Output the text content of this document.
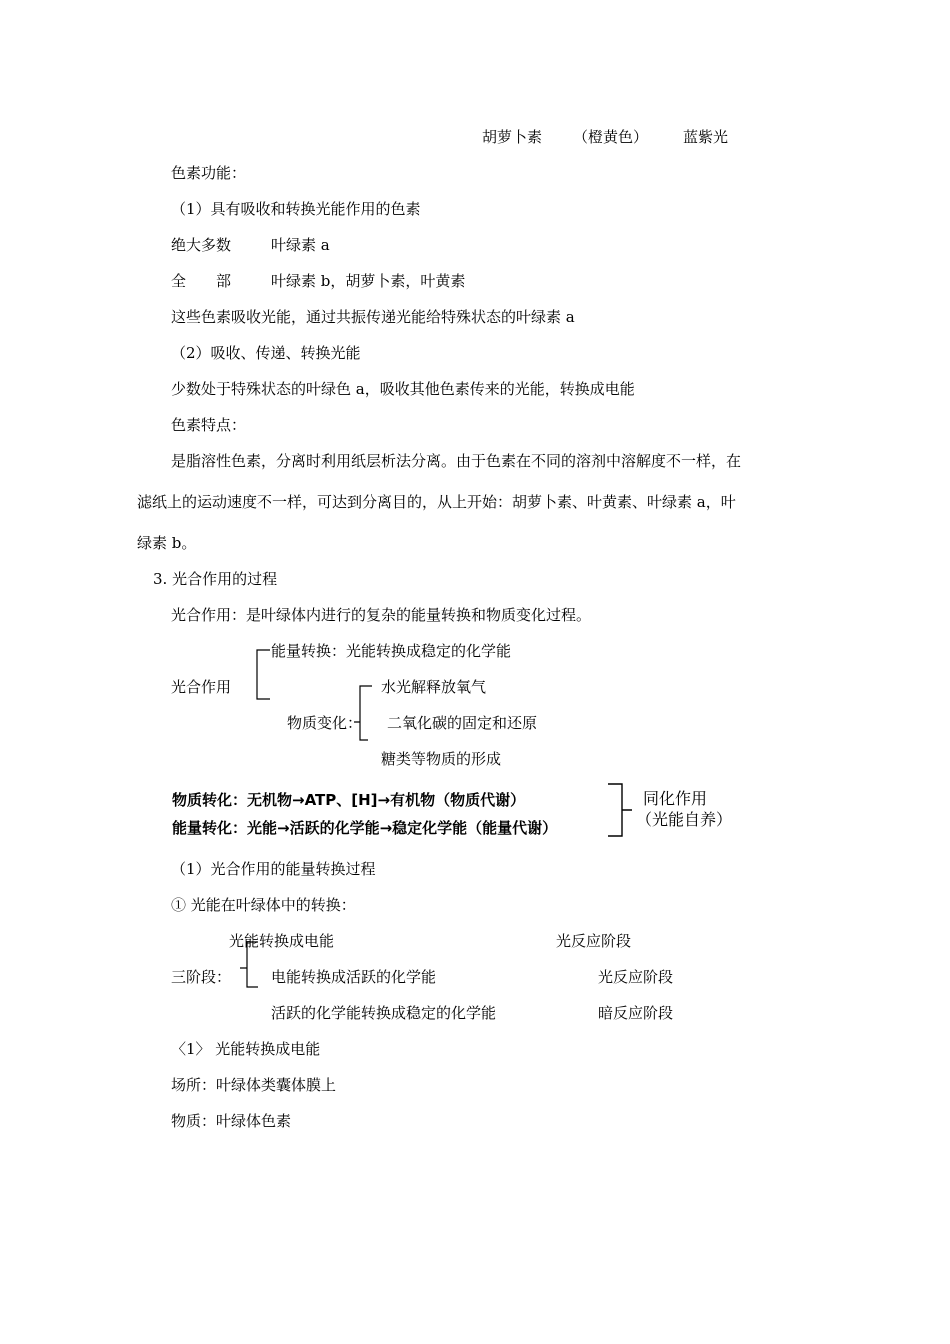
胡萝卜素 （橙黄色） 蓝紫光
色素功能：
（1）具有吸收和转换光能作用的色素
绝大多数	叶绿素 a
全　　部	叶绿素 b，胡萝卜素，叶黄素
这些色素吸收光能，通过共振传递光能给特殊状态的叶绿素 a
（2）吸收、传递、转换光能
少数处于特殊状态的叶绿色 a，吸收其他色素传来的光能，转换成电能
色素特点：
是脂溶性色素，分离时利用纸层析法分离。由于色素在不同的溶剂中溶解度不一样，在
滤纸上的运动速度不一样，可达到分离目的，从上开始：胡萝卜素、叶黄素、叶绿素 a，叶
绿素 b。
3. 光合作用的过程
光合作用：是叶绿体内进行的复杂的能量转换和物质变化过程。
能量转换：光能转换成稳定的化学能
光合作用	水光解释放氧气
物质变化： 二氧化碳的固定和还原
糖类等物质的形成
物质转化：无机物→ATP、[H]→有机物（物质代谢）
能量转化：光能→活跃的化学能→稳定化学能（能量代谢）
同化作用
（光能自养）
（1）光合作用的能量转换过程
① 光能在叶绿体中的转换：
光能转换成电能	光反应阶段
三阶段：	电能转换成活跃的化学能	光反应阶段
活跃的化学能转换成稳定的化学能	暗反应阶段
〈1〉 光能转换成电能
场所：叶绿体类囊体膜上
物质：叶绿体色素
